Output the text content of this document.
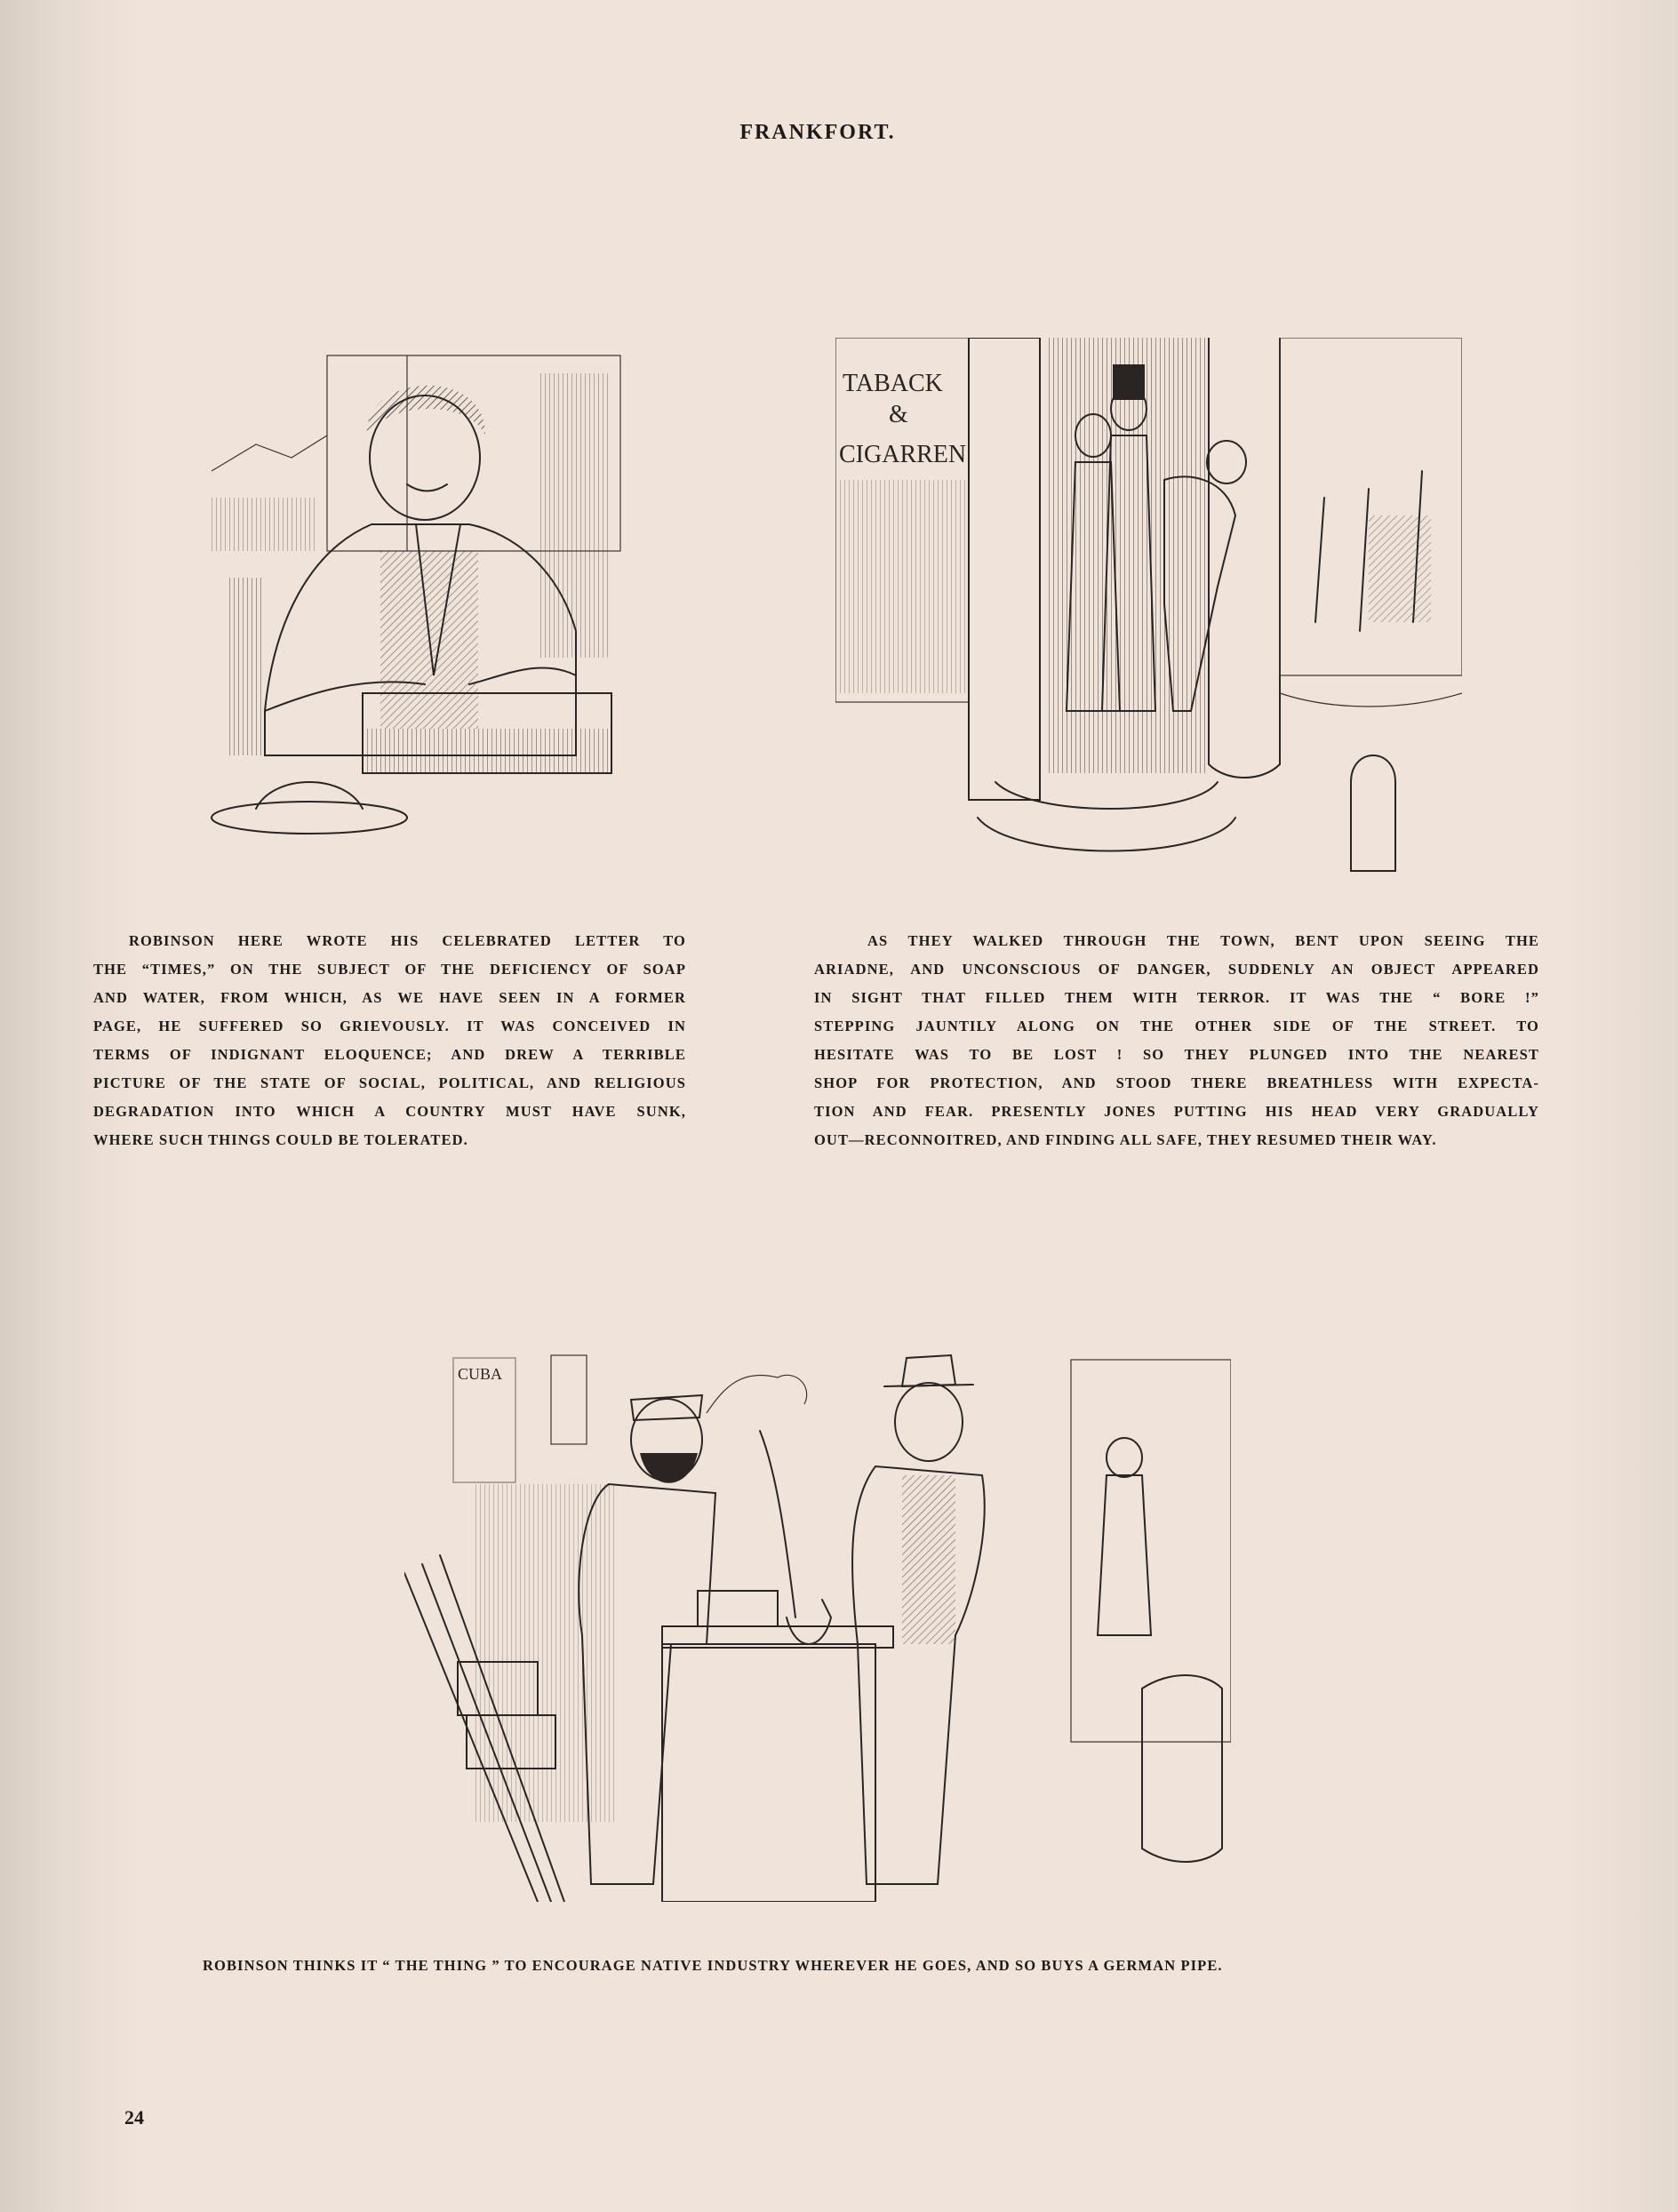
FRANKFORT.
TABACK
&
CIGARREN
CUBA
ROBINSON HERE WROTE HIS CELEBRATED LETTER TO
THE “TIMES,” ON THE SUBJECT OF THE DEFICIENCY OF SOAP
AND WATER, FROM WHICH, AS WE HAVE SEEN IN A FORMER
PAGE, HE SUFFERED SO GRIEVOUSLY. IT WAS CONCEIVED IN
TERMS OF INDIGNANT ELOQUENCE; AND DREW A TERRIBLE
PICTURE OF THE STATE OF SOCIAL, POLITICAL, AND RELIGIOUS
DEGRADATION INTO WHICH A COUNTRY MUST HAVE SUNK,
WHERE SUCH THINGS COULD BE TOLERATED.
AS THEY WALKED THROUGH THE TOWN, BENT UPON SEEING THE
ARIADNE, AND UNCONSCIOUS OF DANGER, SUDDENLY AN OBJECT APPEARED
IN SIGHT THAT FILLED THEM WITH TERROR. IT WAS THE “ BORE !”
STEPPING JAUNTILY ALONG ON THE OTHER SIDE OF THE STREET. TO
HESITATE WAS TO BE LOST ! SO THEY PLUNGED INTO THE NEAREST
SHOP FOR PROTECTION, AND STOOD THERE BREATHLESS WITH EXPECTA-
TION AND FEAR. PRESENTLY JONES PUTTING HIS HEAD VERY GRADUALLY
OUT—RECONNOITRED, AND FINDING ALL SAFE, THEY RESUMED THEIR WAY.
ROBINSON THINKS IT “ THE THING ” TO ENCOURAGE NATIVE INDUSTRY WHEREVER HE GOES, AND SO BUYS A GERMAN PIPE.
24
